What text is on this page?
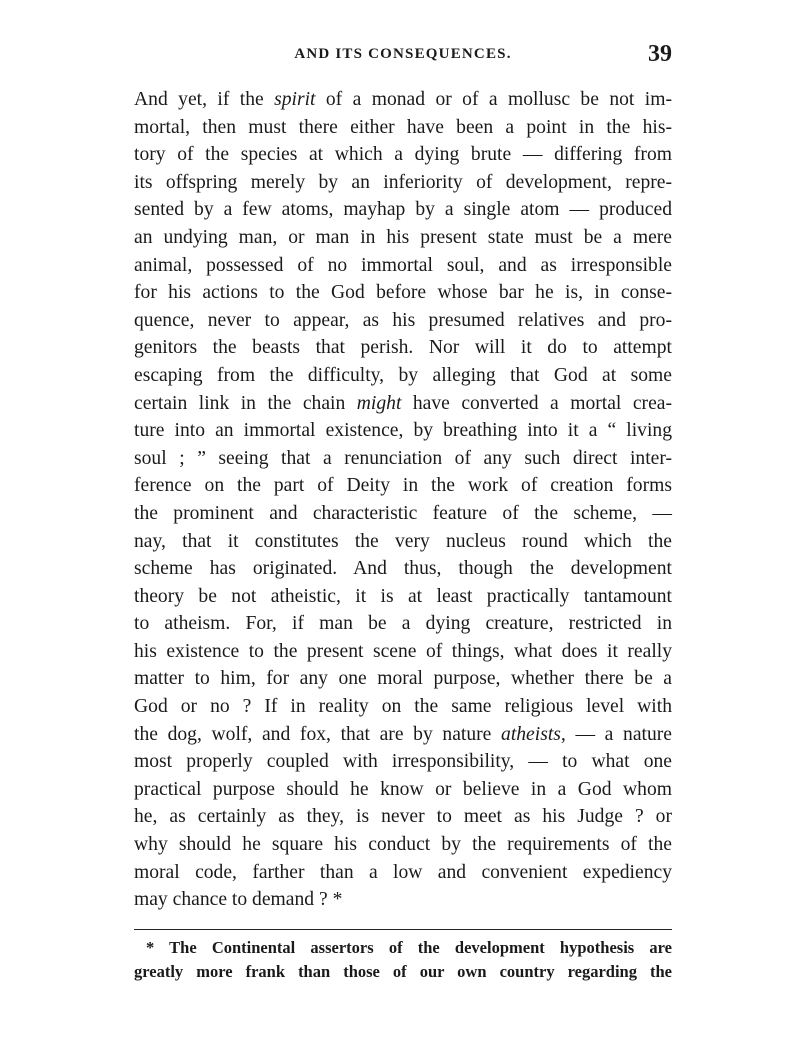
AND ITS CONSEQUENCES.	39
And yet, if the spirit of a monad or of a mollusc be not im-
mortal, then must there either have been a point in the his-
tory of the species at which a dying brute — differing from
its offspring merely by an inferiority of development, repre-
sented by a few atoms, mayhap by a single atom — produced
an undying man, or man in his present state must be a mere
animal, possessed of no immortal soul, and as irresponsible
for his actions to the God before whose bar he is, in conse-
quence, never to appear, as his presumed relatives and pro-
genitors the beasts that perish. Nor will it do to attempt
escaping from the difficulty, by alleging that God at some
certain link in the chain might have converted a mortal crea-
ture into an immortal existence, by breathing into it a “ living
soul ; ” seeing that a renunciation of any such direct inter-
ference on the part of Deity in the work of creation forms
the prominent and characteristic feature of the scheme, —
nay, that it constitutes the very nucleus round which the
scheme has originated. And thus, though the development
theory be not atheistic, it is at least practically tantamount
to atheism. For, if man be a dying creature, restricted in
his existence to the present scene of things, what does it really
matter to him, for any one moral purpose, whether there be a
God or no ? If in reality on the same religious level with
the dog, wolf, and fox, that are by nature atheists, — a nature
most properly coupled with irresponsibility, — to what one
practical purpose should he know or believe in a God whom
he, as certainly as they, is never to meet as his Judge ? or
why should he square his conduct by the requirements of the
moral code, farther than a low and convenient expediency
may chance to demand ? *
* The Continental assertors of the development hypothesis are
greatly more frank than those of our own country regarding the
